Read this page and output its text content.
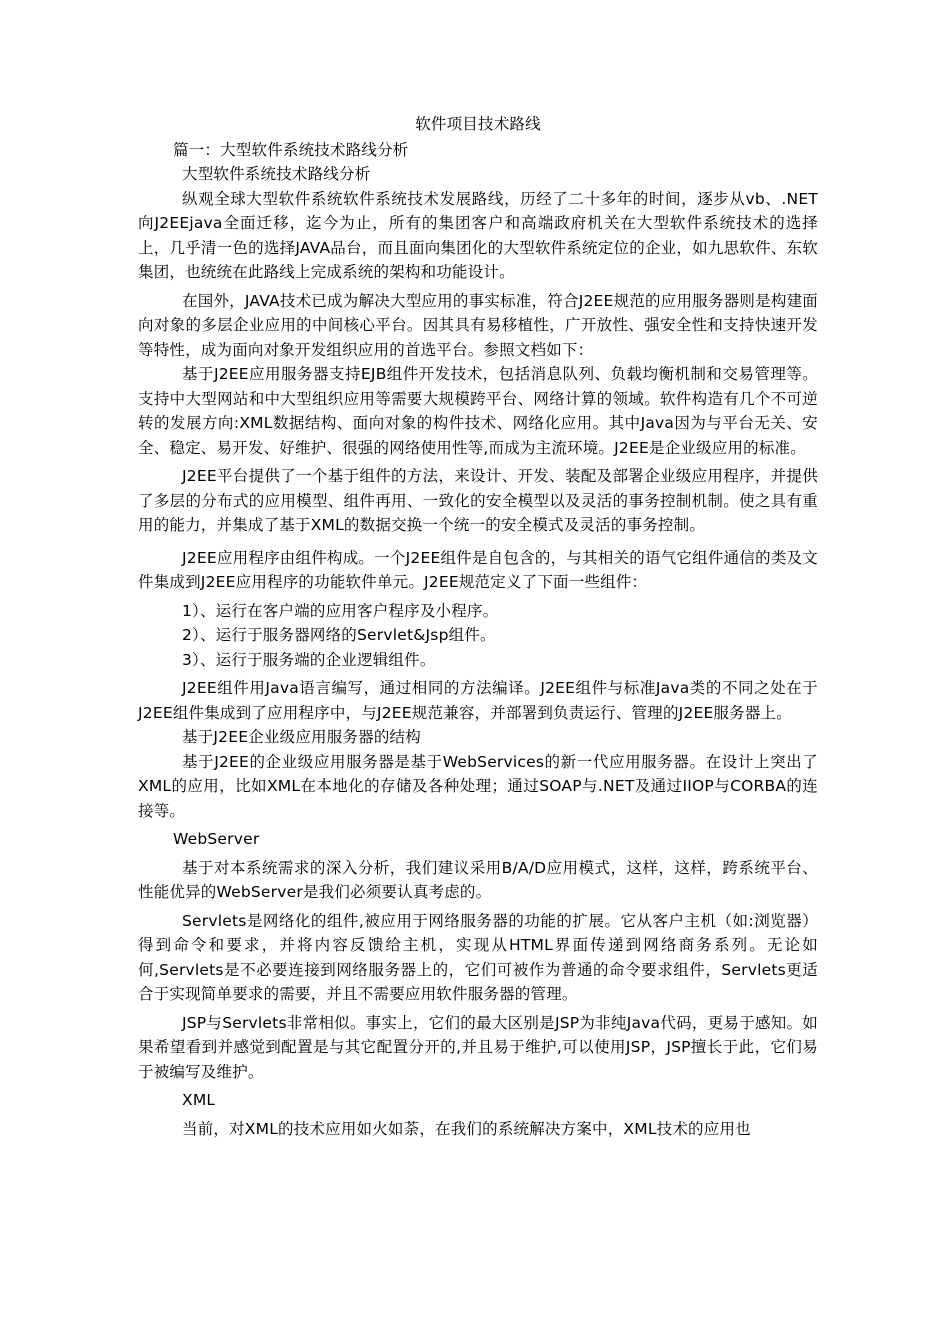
软件项目技术路线

篇一：大型软件系统技术路线分析

大型软件系统技术路线分析

纵观全球大型软件系统软件系统技术发展路线，历经了二十多年的时间，逐步从vb、.NET向J2EEjava全面迁移，迄今为止，所有的集团客户和高端政府机关在大型软件系统技术的选择上，几乎清一色的选择JAVA品台，而且面向集团化的大型软件系统定位的企业，如九思软件、东软集团，也统统在此路线上完成系统的架构和功能设计。

在国外，JAVA技术已成为解决大型应用的事实标准，符合J2EE规范的应用服务器则是构建面向对象的多层企业应用的中间核心平台。因其具有易移植性，广开放性、强安全性和支持快速开发等特性，成为面向对象开发组织应用的首选平台。参照文档如下：

基于J2EE应用服务器支持EJB组件开发技术，包括消息队列、负载均衡机制和交易管理等。支持中大型网站和中大型组织应用等需要大规模跨平台、网络计算的领域。软件构造有几个不可逆转的发展方向:XML数据结构、面向对象的构件技术、网络化应用。其中Java因为与平台无关、安全、稳定、易开发、好维护、很强的网络使用性等,而成为主流环境。J2EE是企业级应用的标准。

J2EE平台提供了一个基于组件的方法，来设计、开发、装配及部署企业级应用程序，并提供了多层的分布式的应用模型、组件再用、一致化的安全模型以及灵活的事务控制机制。使之具有重用的能力，并集成了基于XML的数据交换一个统一的安全模式及灵活的事务控制。

J2EE应用程序由组件构成。一个J2EE组件是自包含的，与其相关的语气它组件通信的类及文件集成到J2EE应用程序的功能软件单元。J2EE规范定义了下面一些组件：

1）、运行在客户端的应用客户程序及小程序。

2）、运行于服务器网络的Servlet&Jsp组件。

3）、运行于服务端的企业逻辑组件。

J2EE组件用Java语言编写，通过相同的方法编译。J2EE组件与标准Java类的不同之处在于J2EE组件集成到了应用程序中，与J2EE规范兼容，并部署到负责运行、管理的J2EE服务器上。

基于J2EE企业级应用服务器的结构

基于J2EE的企业级应用服务器是基于WebServices的新一代应用服务器。在设计上突出了XML的应用，比如XML在本地化的存储及各种处理；通过SOAP与.NET及通过IIOP与CORBA的连接等。

WebServer

基于对本系统需求的深入分析，我们建议采用B/A/D应用模式，这样，这样，跨系统平台、性能优异的WebServer是我们必须要认真考虑的。

Servlets是网络化的组件,被应用于网络服务器的功能的扩展。它从客户主机（如:浏览器）得到命令和要求，并将内容反馈给主机，实现从HTML界面传递到网络商务系列。无论如何,Servlets是不必要连接到网络服务器上的，它们可被作为普通的命令要求组件，Servlets更适合于实现简单要求的需要，并且不需要应用软件服务器的管理。

JSP与Servlets非常相似。事实上，它们的最大区别是JSP为非纯Java代码，更易于感知。如果希望看到并感觉到配置是与其它配置分开的,并且易于维护,可以使用JSP，JSP擅长于此，它们易于被编写及维护。

XML

当前，对XML的技术应用如火如荼，在我们的系统解决方案中，XML技术的应用也
